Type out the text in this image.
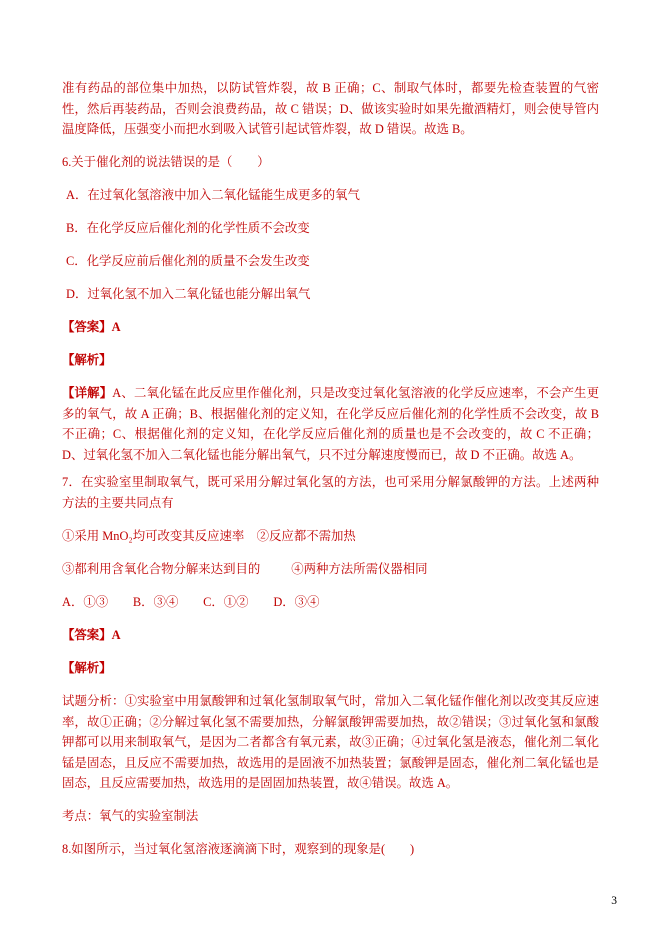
准有药品的部位集中加热，以防试管炸裂，故 B 正确；C、制取气体时，都要先检查装置的气密性，然后再装药品，否则会浪费药品，故 C 错误；D、做该实验时如果先撤酒精灯，则会使导管内温度降低，压强变小而把水到吸入试管引起试管炸裂，故 D 错误。故选 B。

6.关于催化剂的说法错误的是（        ）

A．在过氧化氢溶液中加入二氧化锰能生成更多的氧气

B．在化学反应后催化剂的化学性质不会改变

C．化学反应前后催化剂的质量不会发生改变

D．过氧化氢不加入二氧化锰也能分解出氧气

【答案】A

【解析】

【详解】A、二氧化锰在此反应里作催化剂，只是改变过氧化氢溶液的化学反应速率，不会产生更多的氧气，故 A 正确；B、根据催化剂的定义知，在化学反应后催化剂的化学性质不会改变，故 B 不正确；C、根据催化剂的定义知，在化学反应后催化剂的质量也是不会改变的，故 C 不正确；D、过氧化氢不加入二氧化锰也能分解出氧气，只不过分解速度慢而已，故 D 不正确。故选 A。

7．在实验室里制取氧气，既可采用分解过氧化氢的方法，也可采用分解氯酸钾的方法。上述两种方法的主要共同点有

①采用 MnO₂均可改变其反应速率    ②反应都不需加热

③都利用含氧化合物分解来达到目的          ④两种方法所需仪器相同

A．①③        B．③④        C．①②        D．③④

【答案】A

【解析】

试题分析：①实验室中用氯酸钾和过氧化氢制取氧气时，常加入二氧化锰作催化剂以改变其反应速率，故①正确；②分解过氧化氢不需要加热，分解氯酸钾需要加热，故②错误；③过氧化氢和氯酸钾都可以用来制取氧气，是因为二者都含有氧元素，故③正确；④过氧化氢是液态，催化剂二氧化锰是固态，且反应不需要加热，故选用的是固液不加热装置；氯酸钾是固态，催化剂二氧化锰也是固态，且反应需要加热，故选用的是固固加热装置，故④错误。故选 A。

考点：氧气的实验室制法

8.如图所示，当过氧化氢溶液逐滴滴下时，观察到的现象是(        )

3
